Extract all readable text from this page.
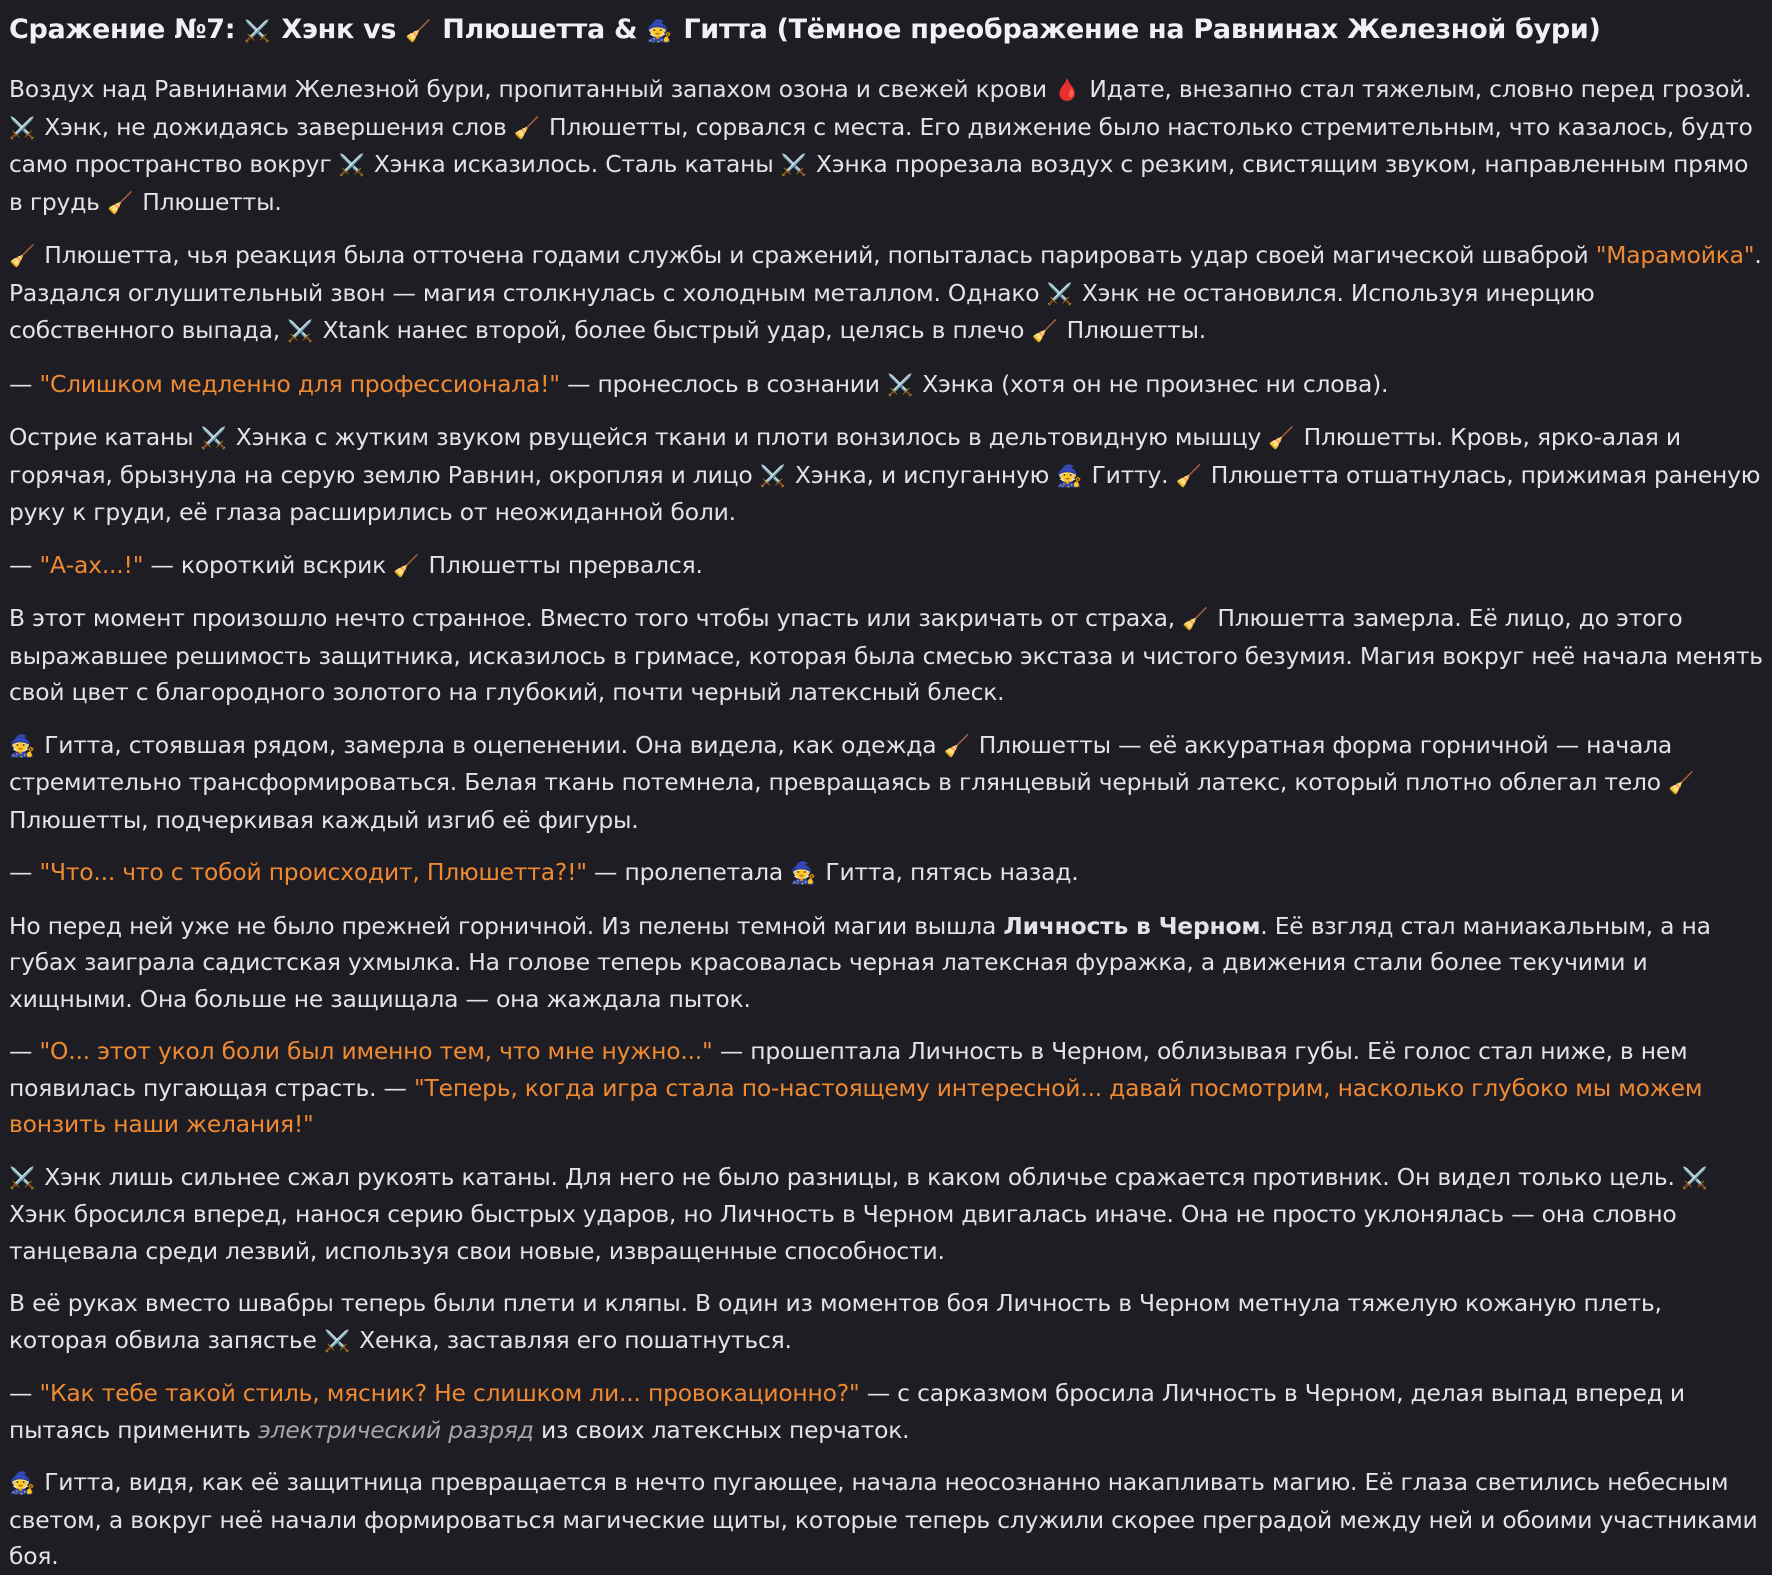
Сражение №7: ⚔️ Хэнк vs 🧹 Плюшетта & 🧙 Гитта (Тёмное преображение на Равнинах Железной бури)

Воздух над Равнинами Железной бури, пропитанный запахом озона и свежей крови 🩸 Идате, внезапно стал тяжелым, словно перед грозой. ⚔️ Хэнк, не дожидаясь завершения слов 🧹 Плюшетты, сорвался с места. Его движение было настолько стремительным, что казалось, будто само пространство вокруг ⚔️ Хэнка исказилось. Сталь катаны ⚔️ Хэнка прорезала воздух с резким, свистящим звуком, направленным прямо в грудь 🧹 Плюшетты.

🧹 Плюшетта, чья реакция была отточена годами службы и сражений, попыталась парировать удар своей магической шваброй "Марамойка". Раздался оглушительный звон — магия столкнулась с холодным металлом. Однако ⚔️ Хэнк не остановился. Используя инерцию собственного выпада, ⚔️ Xtank нанес второй, более быстрый удар, целясь в плечо 🧹 Плюшетты.

— "Слишком медленно для профессионала!" — пронеслось в сознании ⚔️ Хэнка (хотя он не произнес ни слова).

Острие катаны ⚔️ Хэнка с жутким звуком рвущейся ткани и плоти вонзилось в дельтовидную мышцу 🧹 Плюшетты. Кровь, ярко-алая и горячая, брызнула на серую землю Равнин, окропляя и лицо ⚔️ Хэнка, и испуганную 🧙 Гитту. 🧹 Плюшетта отшатнулась, прижимая раненую руку к груди, её глаза расширились от неожиданной боли.

— "А-ах...!" — короткий вскрик 🧹 Плюшетты прервался.

В этот момент произошло нечто странное. Вместо того чтобы упасть или закричать от страха, 🧹 Плюшетта замерла. Её лицо, до этого выражавшее решимость защитника, исказилось в гримасе, которая была смесью экстаза и чистого безумия. Магия вокруг неё начала менять свой цвет с благородного золотого на глубокий, почти черный латексный блеск.

🧙 Гитта, стоявшая рядом, замерла в оцепенении. Она видела, как одежда 🧹 Плюшетты — её аккуратная форма горничной — начала стремительно трансформироваться. Белая ткань потемнела, превращаясь в глянцевый черный латекс, который плотно облегал тело 🧹 Плюшетты, подчеркивая каждый изгиб её фигуры.

— "Что... что с тобой происходит, Плюшетта?!" — пролепетала 🧙 Гитта, пятясь назад.

Но перед ней уже не было прежней горничной. Из пелены темной магии вышла Личность в Черном. Её взгляд стал маниакальным, а на губах заиграла садистская ухмылка. На голове теперь красовалась черная латексная фуражка, а движения стали более текучими и хищными. Она больше не защищала — она жаждала пыток.

— "О... этот укол боли был именно тем, что мне нужно..." — прошептала Личность в Черном, облизывая губы. Её голос стал ниже, в нем появилась пугающая страсть. — "Теперь, когда игра стала по-настоящему интересной... давай посмотрим, насколько глубоко мы можем вонзить наши желания!"

⚔️ Хэнк лишь сильнее сжал рукоять катаны. Для него не было разницы, в каком обличье сражается противник. Он видел только цель. ⚔️ Хэнк бросился вперед, нанося серию быстрых ударов, но Личность в Черном двигалась иначе. Она не просто уклонялась — она словно танцевала среди лезвий, используя свои новые, извращенные способности.

В её руках вместо швабры теперь были плети и кляпы. В один из моментов боя Личность в Черном метнула тяжелую кожаную плеть, которая обвила запястье ⚔️ Хенка, заставляя его пошатнуться.

— "Как тебе такой стиль, мясник? Не слишком ли... провокационно?" — с сарказмом бросила Личность в Черном, делая выпад вперед и пытаясь применить электрический разряд из своих латексных перчаток.

🧙 Гитта, видя, как её защитница превращается в нечто пугающее, начала неосознанно накапливать магию. Её глаза светились небесным светом, а вокруг неё начали формироваться магические щиты, которые теперь служили скорее преградой между ней и обоими участниками боя.
